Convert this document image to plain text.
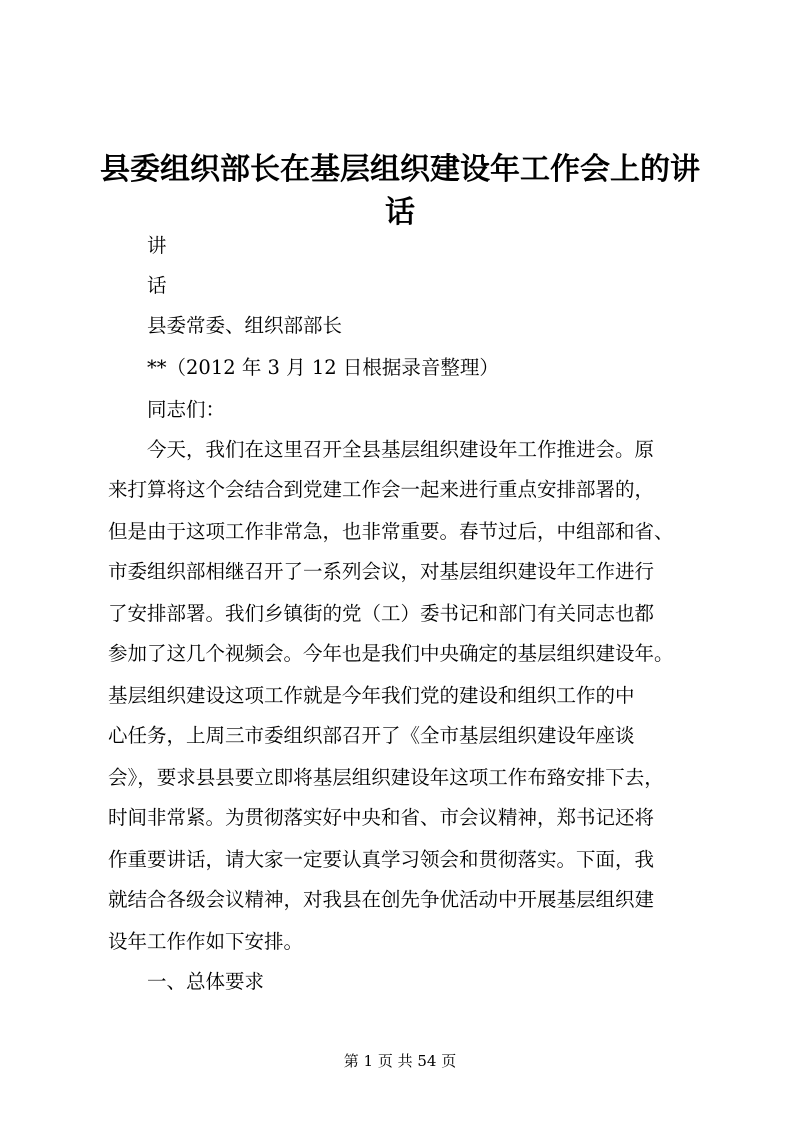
县委组织部长在基层组织建设年工作会上的讲
话
讲
话
县委常委、组织部部长
**（2012 年 3 月 12 日根据录音整理）
同志们：
今天，我们在这里召开全县基层组织建设年工作推进会。原
来打算将这个会结合到党建工作会一起来进行重点安排部署的，
但是由于这项工作非常急，也非常重要。春节过后，中组部和省、
市委组织部相继召开了一系列会议，对基层组织建设年工作进行
了安排部署。我们乡镇街的党（工）委书记和部门有关同志也都
参加了这几个视频会。今年也是我们中央确定的基层组织建设年。
基层组织建设这项工作就是今年我们党的建设和组织工作的中
心任务，上周三市委组织部召开了《全市基层组织建设年座谈
会》，要求县县要立即将基层组织建设年这项工作布臵安排下去，
时间非常紧。为贯彻落实好中央和省、市会议精神，郑书记还将
作重要讲话，请大家一定要认真学习领会和贯彻落实。下面，我
就结合各级会议精神，对我县在创先争优活动中开展基层组织建
设年工作作如下安排。
一、总体要求
第 1 页 共 54 页
